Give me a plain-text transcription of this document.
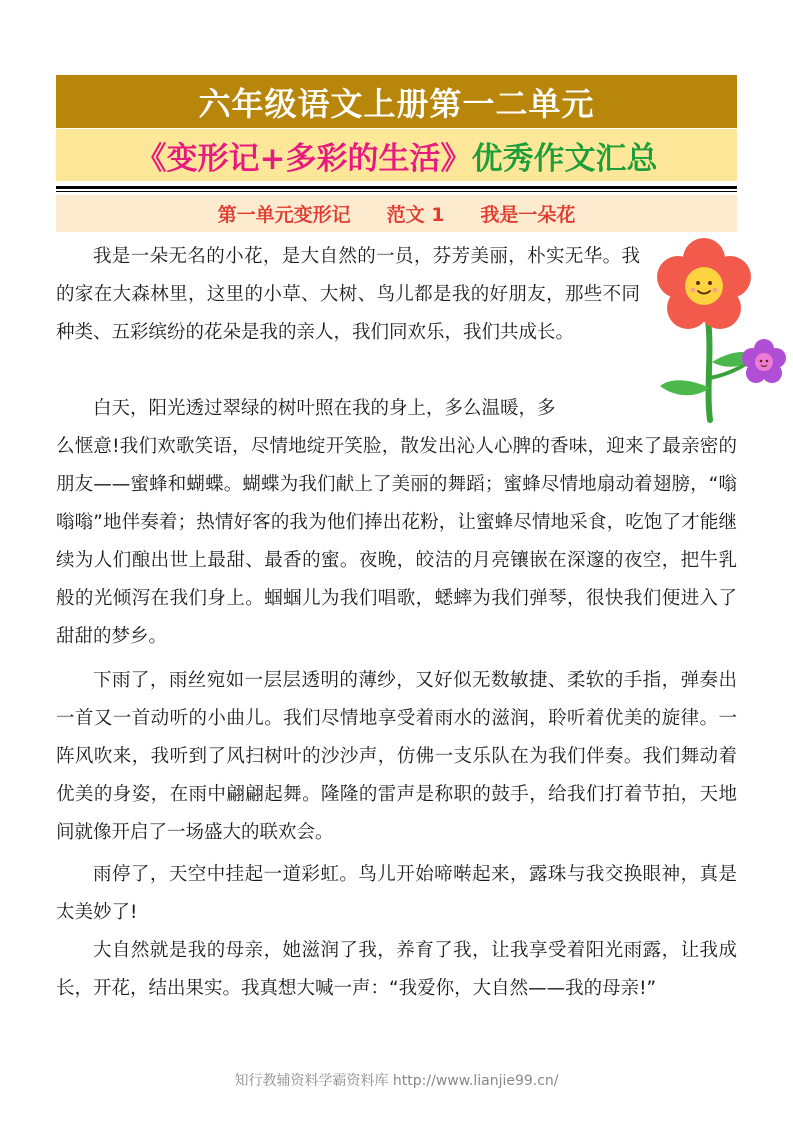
六年级语文上册第一二单元
《变形记+多彩的生活》 优秀作文汇总
第一单元变形记 范文 1 我是一朵花

我是一朵无名的小花，是大自然的一员，芬芳美丽，朴实无华。我的家在大森林里，这里的小草、大树、鸟儿都是我的好朋友，那些不同种类、五彩缤纷的花朵是我的亲人，我们同欢乐，我们共成长。

白天，阳光透过翠绿的树叶照在我的身上，多么温暖，多

么惬意!我们欢歌笑语，尽情地绽开笑脸，散发出沁人心脾的香味，迎来了最亲密的朋友——蜜蜂和蝴蝶。蝴蝶为我们献上了美丽的舞蹈；蜜蜂尽情地扇动着翅膀，“嗡嗡嗡”地伴奏着；热情好客的我为他们捧出花粉，让蜜蜂尽情地采食，吃饱了才能继续为人们酿出世上最甜、最香的蜜。夜晚，皎洁的月亮镶嵌在深邃的夜空，把牛乳般的光倾泻在我们身上。蝈蝈儿为我们唱歌，蟋蟀为我们弹琴，很快我们便进入了甜甜的梦乡。

下雨了，雨丝宛如一层层透明的薄纱，又好似无数敏捷、柔软的手指，弹奏出一首又一首动听的小曲儿。我们尽情地享受着雨水的滋润，聆听着优美的旋律。一阵风吹来，我听到了风扫树叶的沙沙声，仿佛一支乐队在为我们伴奏。我们舞动着优美的身姿，在雨中翩翩起舞。隆隆的雷声是称职的鼓手，给我们打着节拍，天地间就像开启了一场盛大的联欢会。

雨停了，天空中挂起一道彩虹。鸟儿开始啼啭起来，露珠与我交换眼神，真是太美妙了!

大自然就是我的母亲，她滋润了我，养育了我，让我享受着阳光雨露，让我成长，开花，结出果实。我真想大喊一声：“我爱你，大自然——我的母亲!”

知行教辅资料学霸资料库 http://www.lianjie99.cn/
